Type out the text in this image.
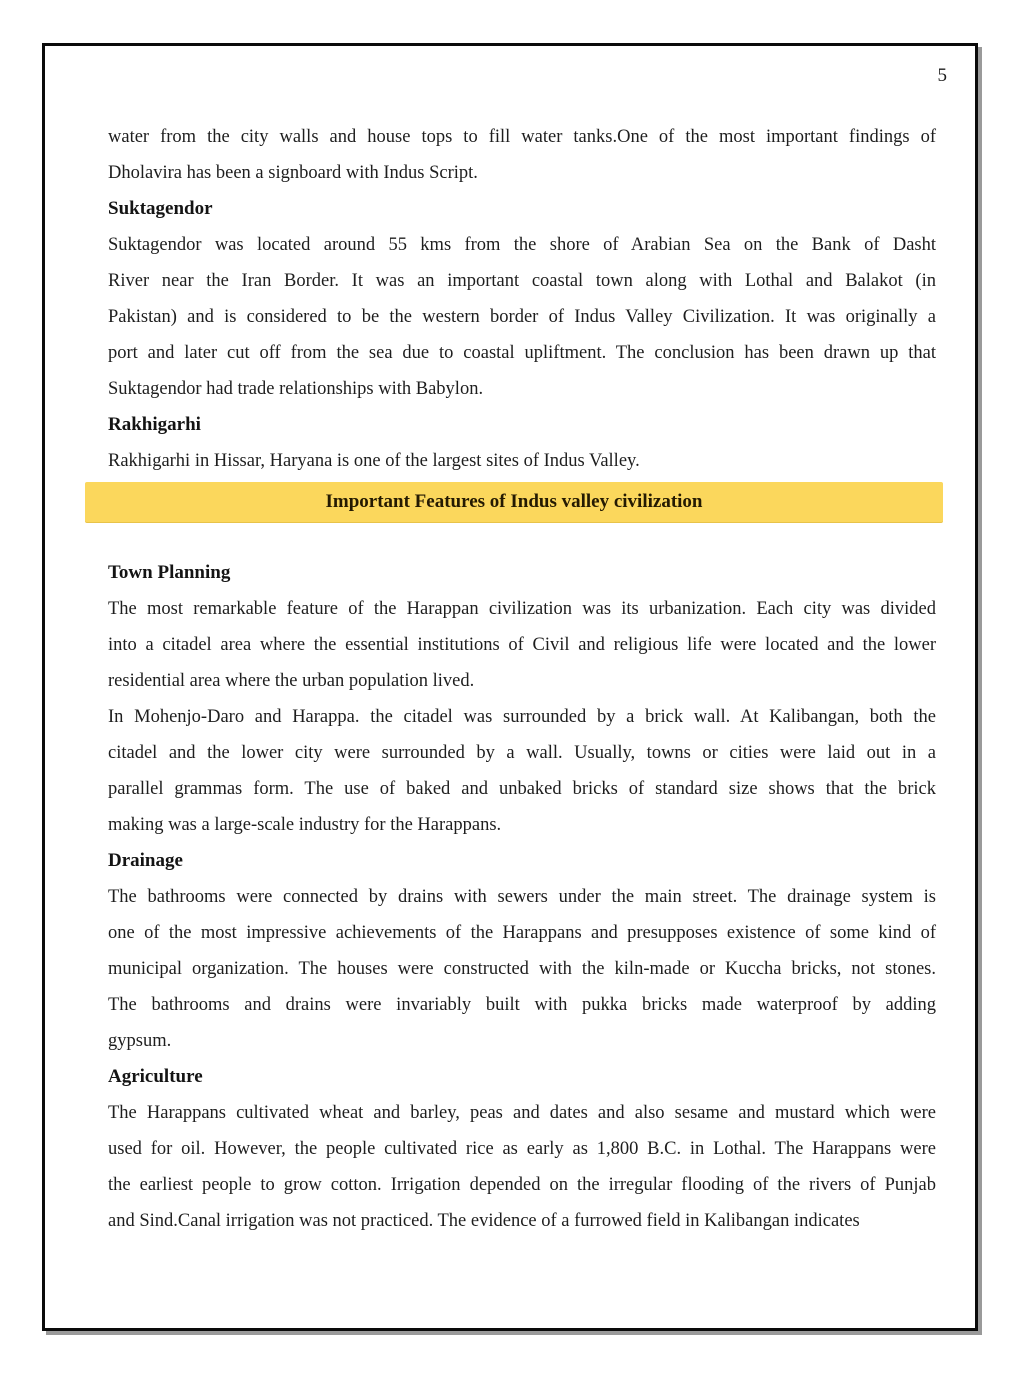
5
water from the city walls and house tops to fill water tanks.One of the most important findings of
Dholavira has been a signboard with Indus Script.
Suktagendor
Suktagendor was located around 55 kms from the shore of Arabian Sea on the Bank of Dasht
River near the Iran Border. It was an important coastal town along with Lothal and Balakot (in
Pakistan) and is considered to be the western border of Indus Valley Civilization. It was originally a
port and later cut off from the sea due to coastal upliftment. The conclusion has been drawn up that
Suktagendor had trade relationships with Babylon.
Rakhigarhi
Rakhigarhi in Hissar, Haryana is one of the largest sites of Indus Valley.
Important Features of Indus valley civilization
Town Planning
The most remarkable feature of the Harappan civilization was its urbanization. Each city was divided
into a citadel area where the essential institutions of Civil and religious life were located and the lower
residential area where the urban population lived.
In Mohenjo-Daro and Harappa. the citadel was surrounded by a brick wall. At Kalibangan, both the
citadel and the lower city were surrounded by a wall. Usually, towns or cities were laid out in a
parallel grammas form. The use of baked and unbaked bricks of standard size shows that the brick
making was a large-scale industry for the Harappans.
Drainage
The bathrooms were connected by drains with sewers under the main street. The drainage system is
one of the most impressive achievements of the Harappans and presupposes existence of some kind of
municipal organization. The houses were constructed with the kiln-made or Kuccha bricks, not stones.
The bathrooms and drains were invariably built with pukka bricks made waterproof by adding
gypsum.
Agriculture
The Harappans cultivated wheat and barley, peas and dates and also sesame and mustard which were
used for oil. However, the people cultivated rice as early as 1,800 B.C. in Lothal. The Harappans were
the earliest people to grow cotton. Irrigation depended on the irregular flooding of the rivers of Punjab
and Sind.Canal irrigation was not practiced. The evidence of a furrowed field in Kalibangan indicates
